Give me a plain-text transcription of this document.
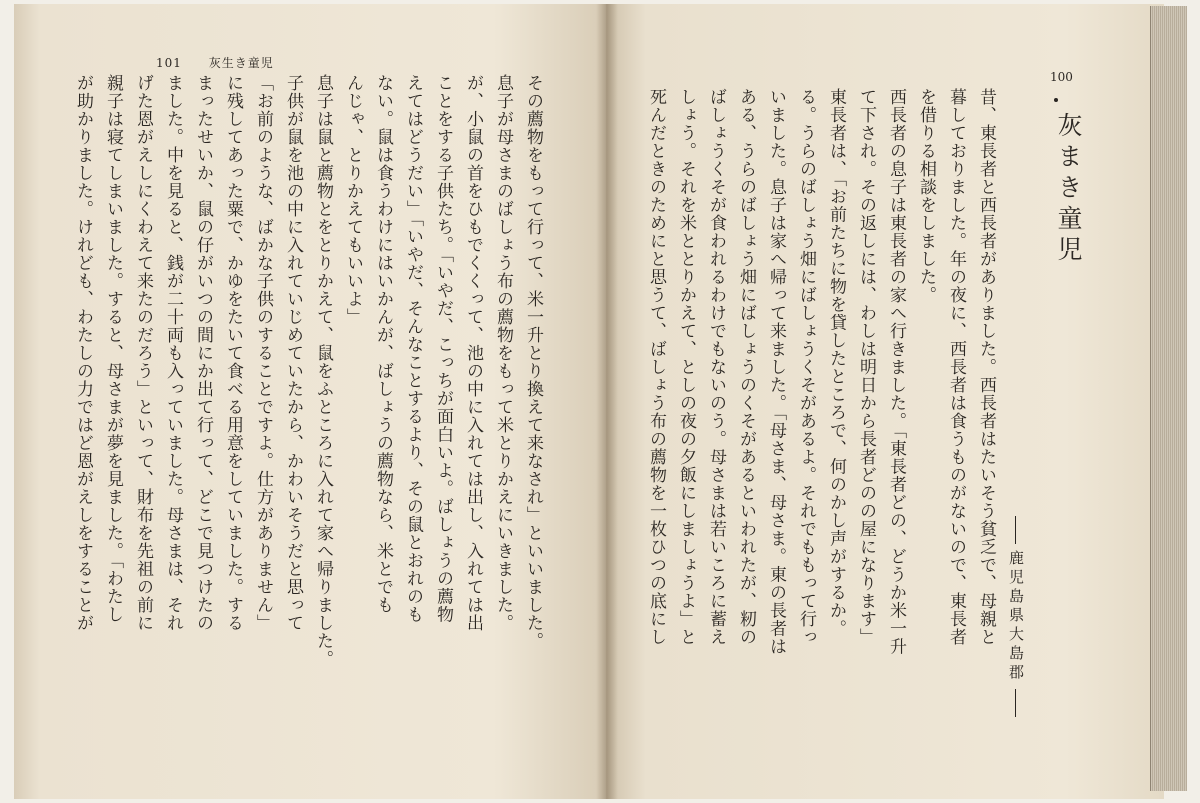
101 灰生き童児
100
灰まき童児
鹿児島県大島郡
その薦物をもって行って、米一升とり換えて来なされ」といいました。
息子が母さまのばしょう布の薦物をもって米とりかえにいきました。
が、小鼠の首をひもでくくって、池の中に入れては出し、入れては出
ことをする子供たち。「いやだ、こっちが面白いよ。ばしょうの薦物
えてはどうだい」「いやだ、そんなことするより、その鼠とおれのも
ない。鼠は食うわけにはいかんが、ばしょうの薦物なら、米とでも
んじゃ、とりかえてもいいよ」
息子は鼠と薦物とをとりかえて、鼠をふところに入れて家へ帰りました。
子供が鼠を池の中に入れていじめていたから、かわいそうだと思って
「お前のような、ばかな子供のすることですよ。仕方がありません」
に残してあった粟で、かゆをたいて食べる用意をしていました。する
まったせいか、鼠の仔がいつの間にか出て行って、どこで見つけたの
ました。中を見ると、銭が二十両も入っていました。母さまは、それ
げた恩がえしにくわえて来たのだろう」といって、財布を先祖の前に
親子は寝てしまいました。すると、母さまが夢を見ました。「わたし
が助かりました。けれども、わたしの力ではど恩がえしをすることが	昔、東長者と西長者がありました。西長者はたいそう貧乏で、母親と
暮しておりました。年の夜に、西長者は食うものがないので、東長者
を借りる相談をしました。
西長者の息子は東長者の家へ行きました。「東長者どの、どうか米一升
て下され。その返しには、わしは明日から長者どのの屋になります」
東長者は、「お前たちに物を貸したところで、何のかし声がするか。
る。うらのばしょう畑にばしょうくそがあるよ。それでももって行っ
いました。息子は家へ帰って来ました。「母さま、母さま。東の長者は
ある、うらのばしょう畑にばしょうのくそがあるといわれたが、籾の
ばしょうくそが食われるわけでもないのう。母さまは若いころに蓄え
しょう。それを米ととりかえて、としの夜の夕飯にしましょうよ」と
死んだときのためにと思うて、ばしょう布の薦物を一枚ひつの底にし
